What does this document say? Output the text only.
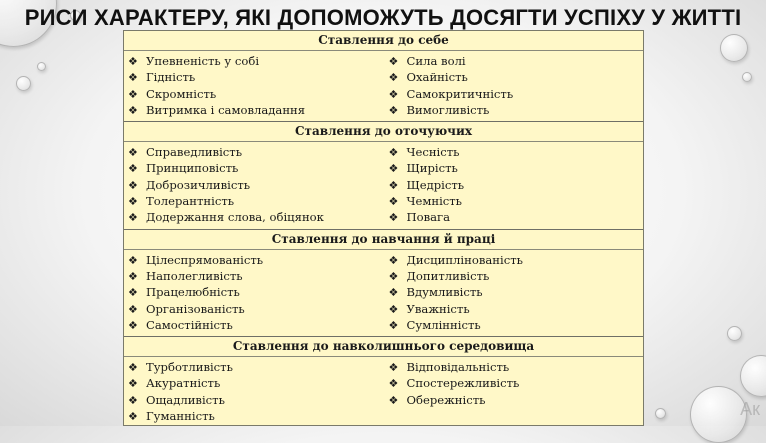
РИСИ ХАРАКТЕРУ, ЯКІ ДОПОМОЖУТЬ ДОСЯГТИ УСПІХУ У ЖИТТІ
Ставлення до себе
❖ Упевненість у собі
❖ Гідність
❖ Скромність
❖ Витримка і самовладання
❖ Сила волі
❖ Охайність
❖ Самокритичність
❖ Вимогливість
Ставлення до оточуючих
❖ Справедливість
❖ Принциповість
❖ Доброзичливість
❖ Толерантність
❖ Додержання слова, обіцянок
❖ Чесність
❖ Щирість
❖ Щедрість
❖ Чемність
❖ Повага
Ставлення до навчання й праці
❖ Цілеспрямованість
❖ Наполегливість
❖ Працелюбність
❖ Організованість
❖ Самостійність
❖ Дисциплінованість
❖ Допитливість
❖ Вдумливість
❖ Уважність
❖ Сумлінність
Ставлення до навколишнього середовища
❖ Турботливість
❖ Акуратність
❖ Ощадливість
❖ Гуманність
❖ Відповідальність
❖ Спостережливість
❖ Обережність	Ак
